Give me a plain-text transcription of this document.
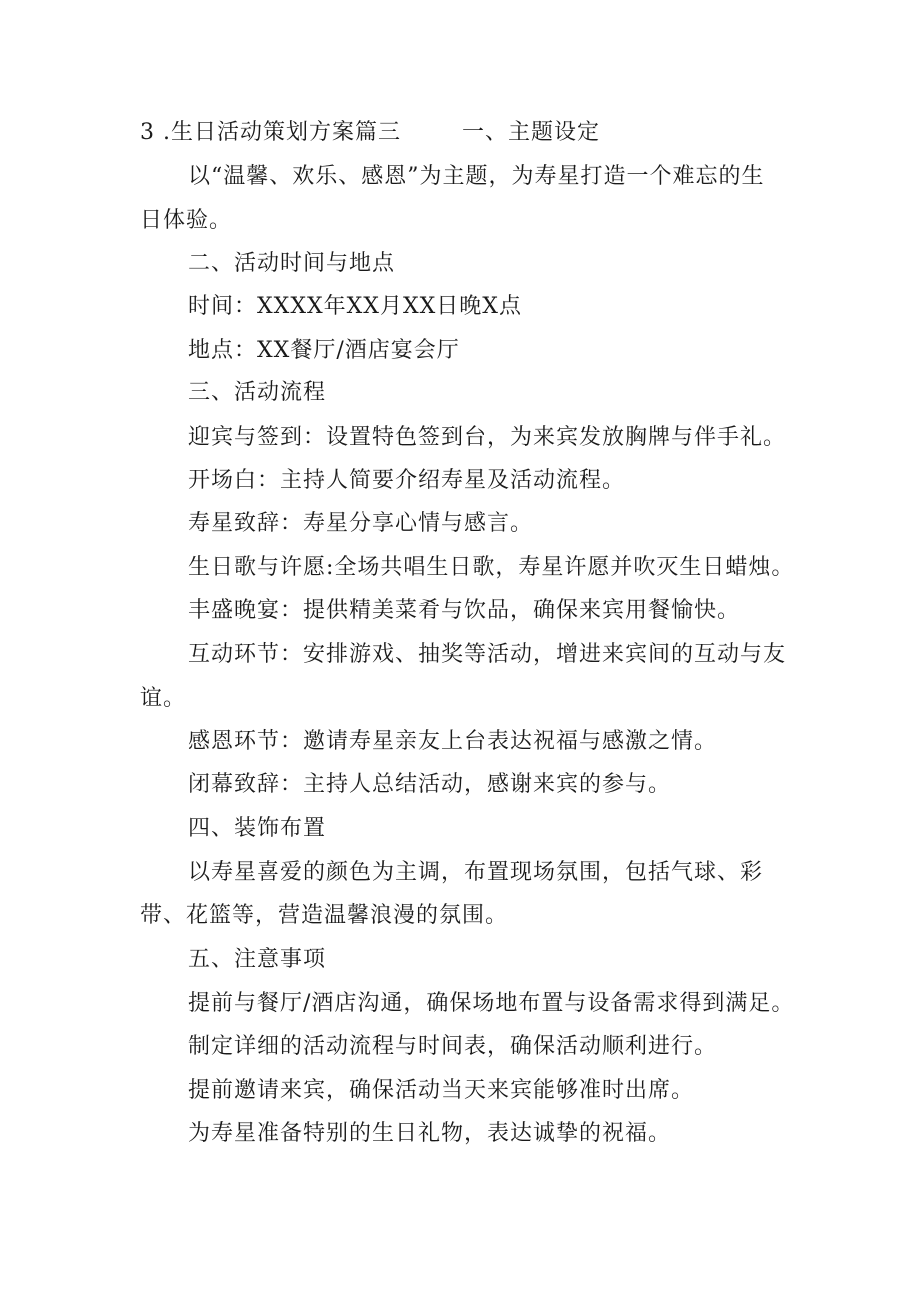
3 .生日活动策划方案篇三	一、主题设定
以“温馨、欢乐、感恩”为主题，为寿星打造一个难忘的生
日体验。
二、活动时间与地点
时间：XXXX年XX月XX日晚X点
地点：XX餐厅/酒店宴会厅
三、活动流程
迎宾与签到：设置特色签到台，为来宾发放胸牌与伴手礼。
开场白：主持人简要介绍寿星及活动流程。
寿星致辞：寿星分享心情与感言。
生日歌与许愿:全场共唱生日歌，寿星许愿并吹灭生日蜡烛。
丰盛晚宴：提供精美菜肴与饮品，确保来宾用餐愉快。
互动环节：安排游戏、抽奖等活动，增进来宾间的互动与友
谊。
感恩环节：邀请寿星亲友上台表达祝福与感激之情。
闭幕致辞：主持人总结活动，感谢来宾的参与。
四、装饰布置
以寿星喜爱的颜色为主调，布置现场氛围，包括气球、彩
带、花篮等，营造温馨浪漫的氛围。
五、注意事项
提前与餐厅/酒店沟通，确保场地布置与设备需求得到满足。
制定详细的活动流程与时间表，确保活动顺利进行。
提前邀请来宾，确保活动当天来宾能够准时出席。
为寿星准备特别的生日礼物，表达诚挚的祝福。
